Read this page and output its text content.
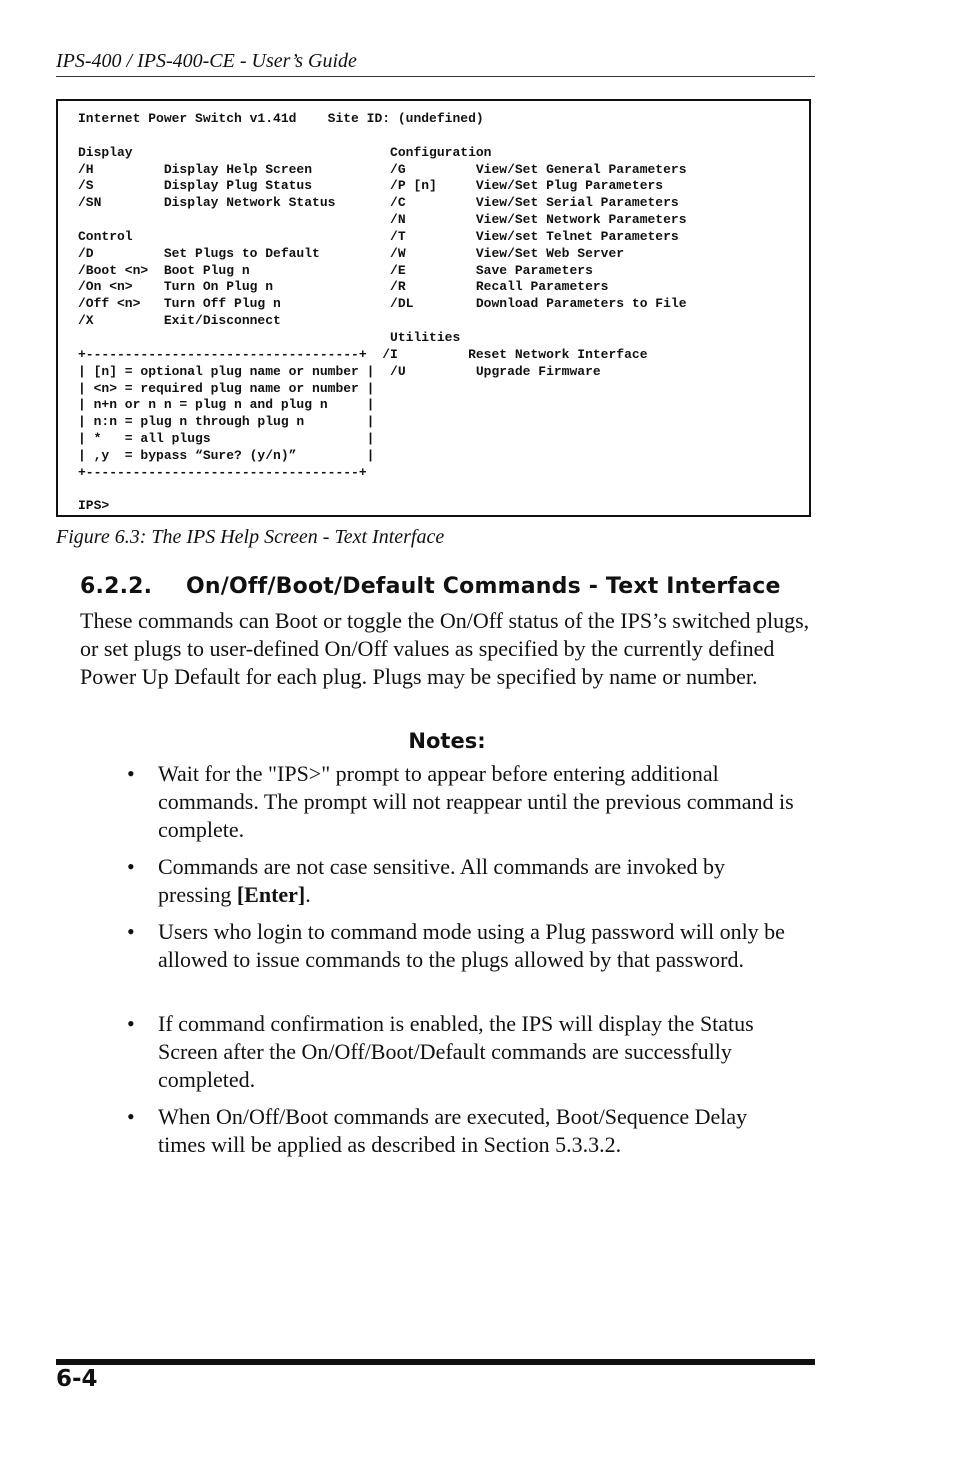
IPS-400 / IPS-400-CE - User’s Guide
Internet Power Switch v1.41d    Site ID: (undefined)

Display                                 Configuration
/H         Display Help Screen          /G         View/Set General Parameters
/S         Display Plug Status          /P [n]     View/Set Plug Parameters
/SN        Display Network Status       /C         View/Set Serial Parameters
/N         View/Set Network Parameters
Control                                 /T         View/set Telnet Parameters
/D         Set Plugs to Default         /W         View/Set Web Server
/Boot <n>  Boot Plug n                  /E         Save Parameters
/On <n>    Turn On Plug n               /R         Recall Parameters
/Off <n>   Turn Off Plug n              /DL        Download Parameters to File
/X         Exit/Disconnect
Utilities
+-----------------------------------+  /I         Reset Network Interface
| [n] = optional plug name or number |  /U         Upgrade Firmware
| <n> = required plug name or number |
| n+n or n n = plug n and plug n     |
| n:n = plug n through plug n        |
| *   = all plugs                    |
| ,y  = bypass “Sure? (y/n)”         |
+-----------------------------------+

IPS>
Figure 6.3: The IPS Help Screen - Text Interface
6.2.2. On/Off/Boot/Default Commands - Text Interface

These commands can Boot or toggle the On/Off status of the IPS’s switched plugs, or set plugs to user-defined On/Off values as specified by the currently defined Power Up Default for each plug. Plugs may be specified by name or number.

Notes:
• Wait for the "IPS>" prompt to appear before entering additional commands. The prompt will not reappear until the previous command is complete.
• Commands are not case sensitive. All commands are invoked by pressing [Enter].
• Users who login to command mode using a Plug password will only be allowed to issue commands to the plugs allowed by that password.
• If command confirmation is enabled, the IPS will display the Status Screen after the On/Off/Boot/Default commands are successfully completed.
• When On/Off/Boot commands are executed, Boot/Sequence Delay times will be applied as described in Section 5.3.3.2.
6-4
